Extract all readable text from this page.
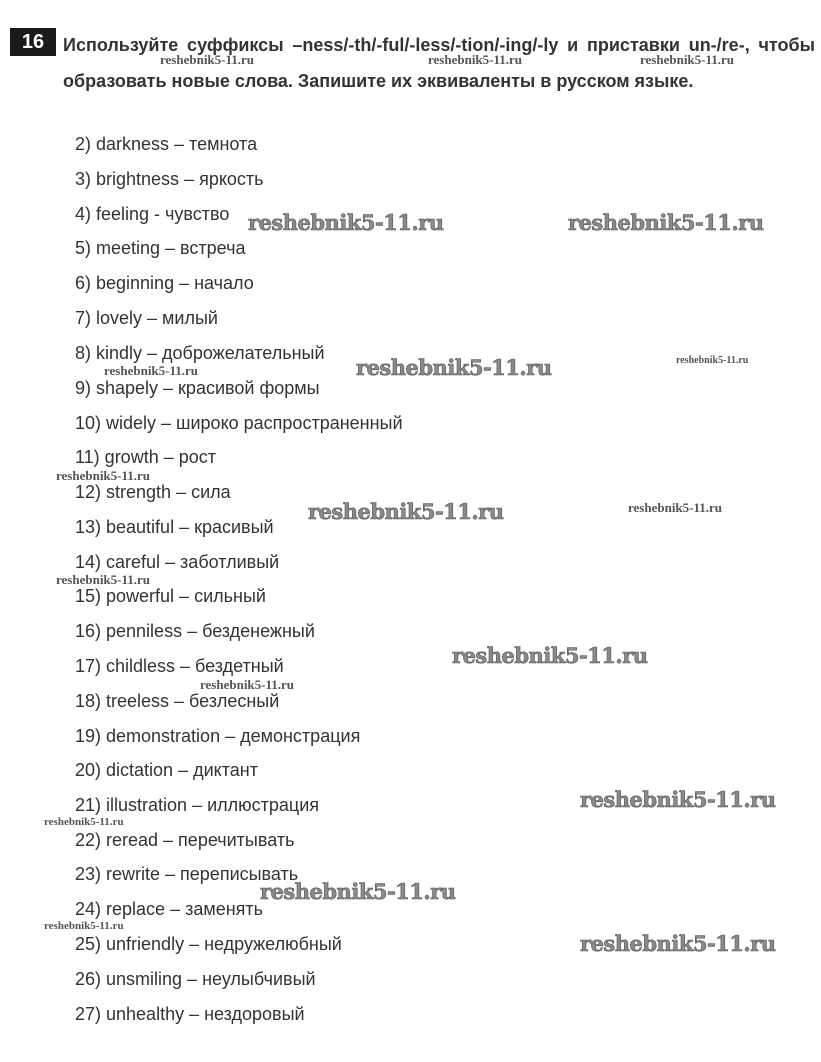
16	Используйте суффиксы –ness/-th/-ful/-less/-tion/-ing/-ly и приставки un-/re-, чтобы образовать новые слова. Запишите их эквиваленты в русском языке.
2) darkness – темнота
3) brightness – яркость
4) feeling - чувство
5) meeting – встреча
6) beginning – начало
7) lovely – милый
8) kindly – доброжелательный
9) shapely – красивой формы
10) widely – широко распространенный
11) growth – рост
12) strength – сила
13) beautiful – красивый
14) careful – заботливый
15) powerful – сильный
16) penniless – безденежный
17) childless – бездетный
18) treeless – безлесный
19) demonstration – демонстрация
20) dictation – диктант
21) illustration – иллюстрация
22) reread – перечитывать
23) rewrite – переписывать
24) replace – заменять
25) unfriendly – недружелюбный
26) unsmiling – неулыбчивый
27) unhealthy – нездоровый
reshebnik5-11.ru	reshebnik5-11.ru	reshebnik5-11.ru
reshebnik5-11.ru	reshebnik5-11.ru
reshebnik5-11.ru	reshebnik5-11.ru	reshebnik5-11.ru
reshebnik5-11.ru
reshebnik5-11.ru	reshebnik5-11.ru
reshebnik5-11.ru
reshebnik5-11.ru
reshebnik5-11.ru
reshebnik5-11.ru
reshebnik5-11.ru
reshebnik5-11.ru
reshebnik5-11.ru
reshebnik5-11.ru
